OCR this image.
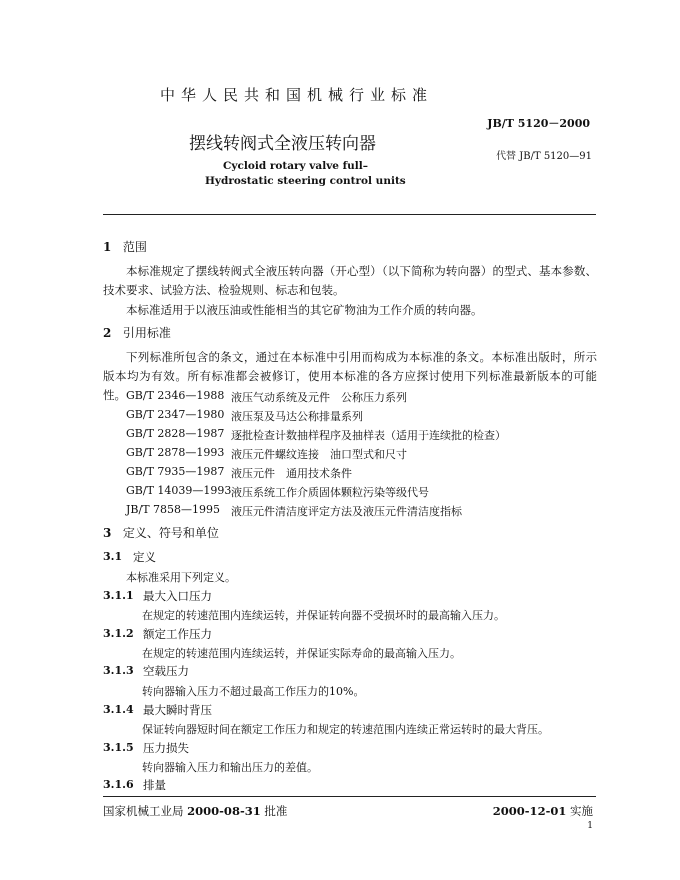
中华人民共和国机械行业标准
JB/T 5120－2000
摆线转阀式全液压转向器
代替 JB/T 5120—91
Cycloid rotary valve full–
Hydrostatic steering control units
1 范围
本标准规定了摆线转阀式全液压转向器（开心型）（以下简称为转向器）的型式、基本参数、技术要求、试验方法、检验规则、标志和包装。
本标准适用于以液压油或性能相当的其它矿物油为工作介质的转向器。
2 引用标准
下列标准所包含的条文，通过在本标准中引用而构成为本标准的条文。本标准出版时，所示版本均为有效。所有标准都会被修订，使用本标准的各方应探讨使用下列标准最新版本的可能性。 GB/T 2346—1988 液压气动系统及元件　公称压力系列
GB/T 2347—1980 液压泵及马达公称排量系列
GB/T 2828—1987 逐批检查计数抽样程序及抽样表（适用于连续批的检查）
GB/T 2878—1993 液压元件螺纹连接　油口型式和尺寸
GB/T 7935—1987 液压元件　通用技术条件
GB/T 14039—1993 液压系统工作介质固体颗粒污染等级代号
JB/T 7858—1995 液压元件清洁度评定方法及液压元件清洁度指标
3 定义、符号和单位
3.1 定义
本标准采用下列定义。
3.1.1 最大入口压力
在规定的转速范围内连续运转，并保证转向器不受损坏时的最高输入压力。
3.1.2 额定工作压力
在规定的转速范围内连续运转，并保证实际寿命的最高输入压力。
3.1.3 空载压力
转向器输入压力不超过最高工作压力的10%。
3.1.4 最大瞬时背压
保证转向器短时间在额定工作压力和规定的转速范围内连续正常运转时的最大背压。
3.1.5 压力损失
转向器输入压力和输出压力的差值。
3.1.6 排量
国家机械工业局 2000-08-31 批准	2000-12-01 实施
1
